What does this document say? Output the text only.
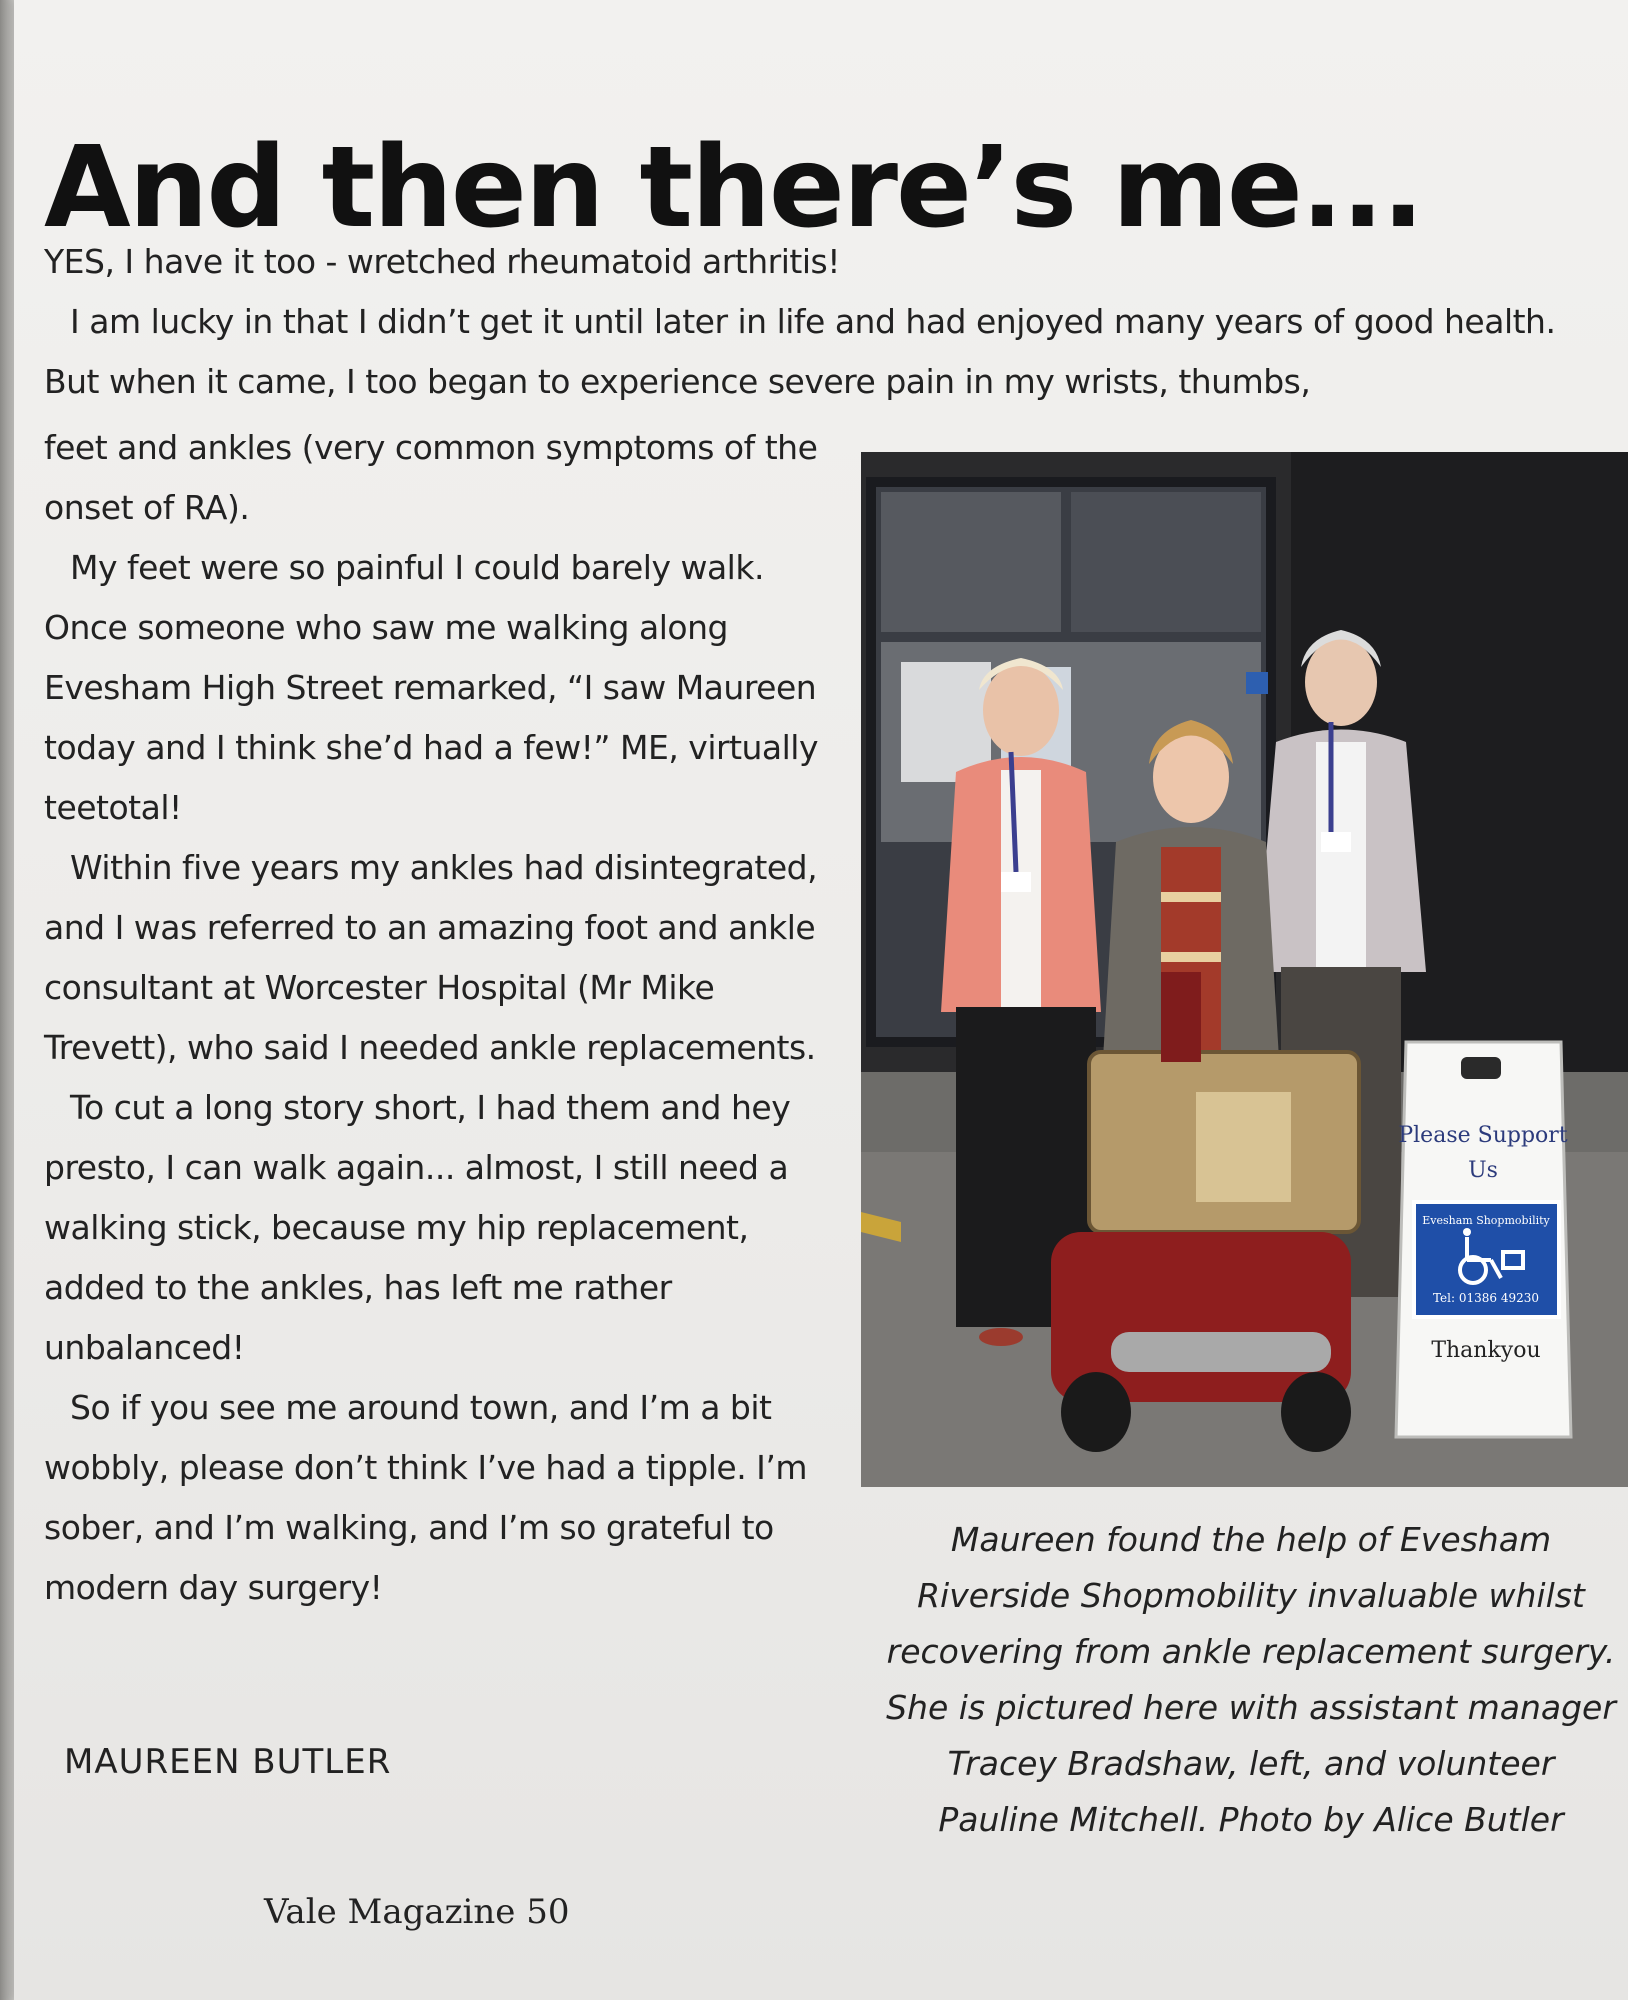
And then there’s me...

YES, I have it too - wretched rheumatoid arthritis!

I am lucky in that I didn’t get it until later in life and had enjoyed many years of good health. But when it came, I too began to experience severe pain in my wrists, thumbs,

feet and ankles (very common symptoms of the onset of RA).

My feet were so painful I could barely walk. Once someone who saw me walking along Evesham High Street remarked, “I saw Maureen today and I think she’d had a few!” ME, virtually teetotal!

Within five years my ankles had disintegrated, and I was referred to an amazing foot and ankle consultant at Worcester Hospital (Mr Mike Trevett), who said I needed ankle replacements.

To cut a long story short, I had them and hey presto, I can walk again... almost, I still need a walking stick, because my hip replacement, added to the ankles, has left me rather unbalanced!

So if you see me around town, and I’m a bit wobbly, please don’t think I’ve had a tipple. I’m sober, and I’m walking, and I’m so grateful to modern day surgery!

MAUREEN BUTLER
Please Support
Us
Evesham Shopmobility
Tel: 01386 49230
Thankyou
Maureen found the help of Evesham
Riverside Shopmobility invaluable whilst
recovering from ankle replacement surgery.
She is pictured here with assistant manager
Tracey Bradshaw, left, and volunteer
Pauline Mitchell. Photo by Alice Butler
Vale Magazine 50
